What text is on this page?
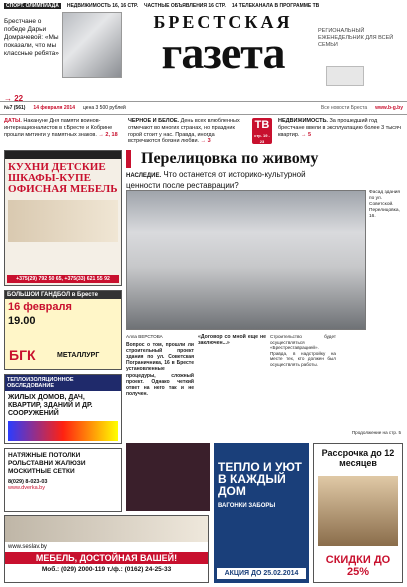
СПОРТ. ОЛИМПИАДА	НЕДВИЖИМОСТЬ 16, 16 СТР. ЧАСТНЫЕ ОБЪЯВЛЕНИЯ 16 СТР. 14 ТЕЛЕКАНАЛА В ПРОГРАММЕ ТВ
Брестчане о победе Дарьи Домрачевой: «Мы показали, что мы классные ребята»
→ 22
БРЕСТСКАЯ
газета	РЕГИОНАЛЬНЫЙ ЕЖЕНЕДЕЛЬНИК ДЛЯ ВСЕЙ СЕМЬИ
№7 (561) 14 февраля 2014 цена 3 500 рублей	Все новости Бреста www.b-g.by
ДАТЫ. Накануне Дня памяти воинов-интернационалистов в г.Бресте и Кобрине прошли митинги у памятных знаков. → 2, 18
ЧЕРНОЕ И БЕЛОЕ. День всех влюбленных отмечают во многих странах, но праздник горой стоит у нас. Правда, иногда встречаются боязни любви. → 3
ТВ
стр. 19 - 23
НЕДВИЖИМОСТЬ. За прошедший год брестчане ввели в эксплуатацию более 3 тысяч квартир. → 5
КУХНИ ДЕТСКИЕ ШКАФЫ-КУПЕ ОФИСНАЯ МЕБЕЛЬ
+375(29) 792 50 65, +375(33) 621 55 92
БОЛЬШОЙ ГАНДБОЛ в Бресте
16 февраля
19.00
БГК	МЕТАЛЛУРГ
ТЕПЛОИЗОЛЯЦИОННОЕ ОБСЛЕДОВАНИЕ
ЖИЛЫХ ДОМОВ, ДАЧ, КВАРТИР, ЗДАНИЙ И ДР. СООРУЖЕНИЙ
НАТЯЖНЫЕ ПОТОЛКИ РОЛЬСТАВНИ ЖАЛЮЗИ МОСКИТНЫЕ СЕТКИ
8(029) 8-023-03
www.dverka.by
Перелицовка по живому
НАСЛЕДИЕ. Что останется от историко-культурной ценности после реставрации?
Фасад здания по ул. Советской. Перелицовка, 16.
Алла ВЕРСТОВА
Вопрос о том, прошли ли строительный проект здания по ул. Советская Пограничника, 16 в Бресте установленные процедуры, сложный проект. Однако четкий ответ на него так и не получен.
«Договор со мной еще не заключен...»
Строительство будет осуществляться «Брестреставрацией». Правда, в надстройку на месте тех, кто должен был осуществлять работы.
Продолжение на стр. 5
ТЕПЛО И УЮТ В КАЖДЫЙ ДОМ
ВАГОНКИ ЗАБОРЫ
АКЦИЯ ДО 25.02.2014
Рассрочка до 12 месяцев
СКИДКИ ДО 25%
www.seslav.by
МЕБЕЛЬ, ДОСТОЙНАЯ ВАШЕЙ!
Моб.: (029) 2000-119 т./ф.: (0162) 24-25-33
